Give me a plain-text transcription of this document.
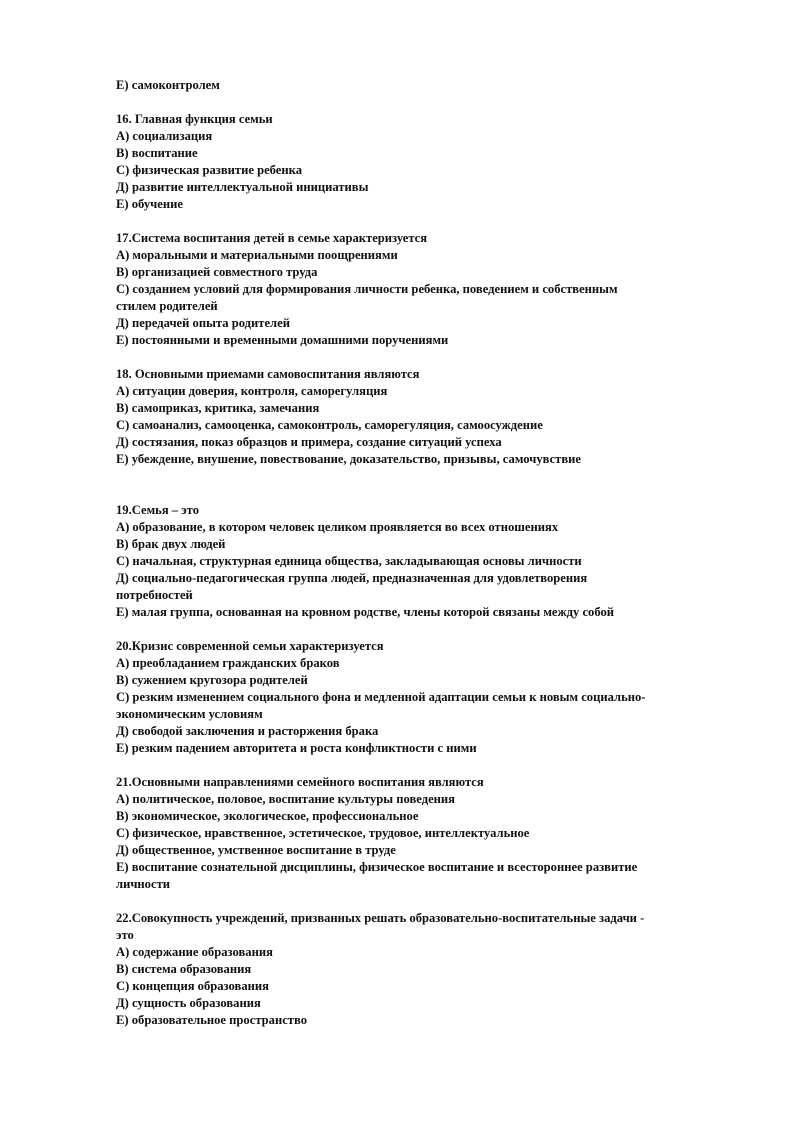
E) самоконтролем
16. Главная функция семьи
A) социализация
B) воспитание
C) физическая развитие ребенка
Д) развитие интеллектуальной инициативы
E) обучение
17.Система воспитания детей в семье характеризуется
A) моральными и материальными поощрениями
B) организацией совместного труда
C) созданием условий для формирования личности ребенка, поведением и собственным
стилем родителей
Д) передачей опыта родителей
E) постоянными и временными домашними поручениями
18. Основными приемами самовоспитания являются
A) ситуации доверия, контроля, саморегуляция
B) самоприказ, критика, замечания
C) самоанализ, самооценка, самоконтроль, саморегуляция, самоосуждение
Д) состязания, показ образцов и примера, создание ситуаций успеха
E) убеждение, внушение, повествование, доказательство, призывы, самочувствие
19.Семья – это
A) образование, в котором человек целиком проявляется во всех отношениях
B) брак двух людей
C) начальная, структурная единица общества, закладывающая основы личности
Д) социально-педагогическая группа людей, предназначенная для удовлетворения
потребностей
E) малая группа, основанная на кровном родстве, члены которой связаны между собой
20.Кризис современной семьи характеризуется
A) преобладанием гражданских браков
B) сужением кругозора родителей
C) резким изменением социального фона и медленной адаптации семьи к новым социально-
экономическим условиям
Д) свободой заключения и расторжения брака
E) резким падением авторитета и роста конфликтности с ними
21.Основными направлениями семейного воспитания являются
A) политическое, половое, воспитание культуры поведения
B) экономическое, экологическое, профессиональное
C) физическое, нравственное, эстетическое, трудовое, интеллектуальное
Д) общественное, умственное воспитание в труде
E) воспитание сознательной дисциплины, физическое воспитание и всестороннее развитие
личности
22.Совокупность учреждений, призванных решать образовательно-воспитательные задачи -
это
A) содержание образования
B) система образования
C) концепция образования
Д) сущность образования
E) образовательное пространство
